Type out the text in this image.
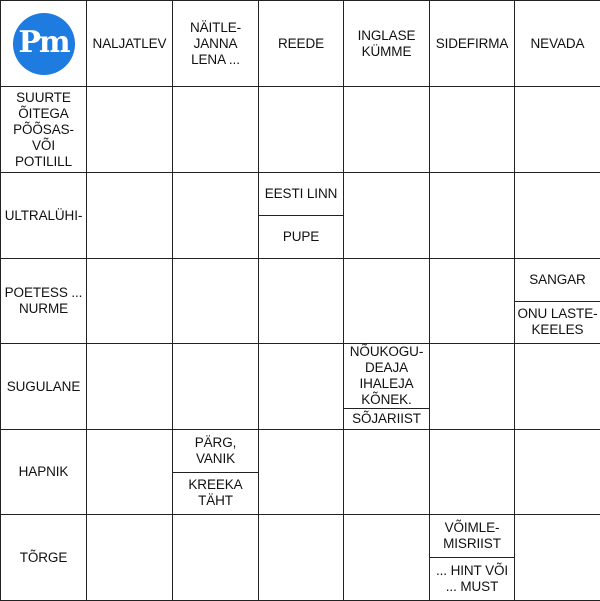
Pm	NALJATLEV
NÄITLE-
JANNA
LENA ...
REEDE
INGLASE
KÜMME
SIDEFIRMA	NEVADA
SUURTE
ÕITEGA
PÕÕSAS-
VÕI POTILILL
ULTRALÜHI-
EESTI LINN
PUPE
POETESS ...
NURME
SANGAR
ONU LASTE-
KEELES
SUGULANE
NÕUKOGU-
DEAJA
IHALEJA
KÕNEK.
SÕJARIIST
HAPNIK
PÄRG,
VANIK
KREEKA
TÄHT
TÕRGE
VÕIMLE-
MISRIIST
... HINT VÕI
... MUST
